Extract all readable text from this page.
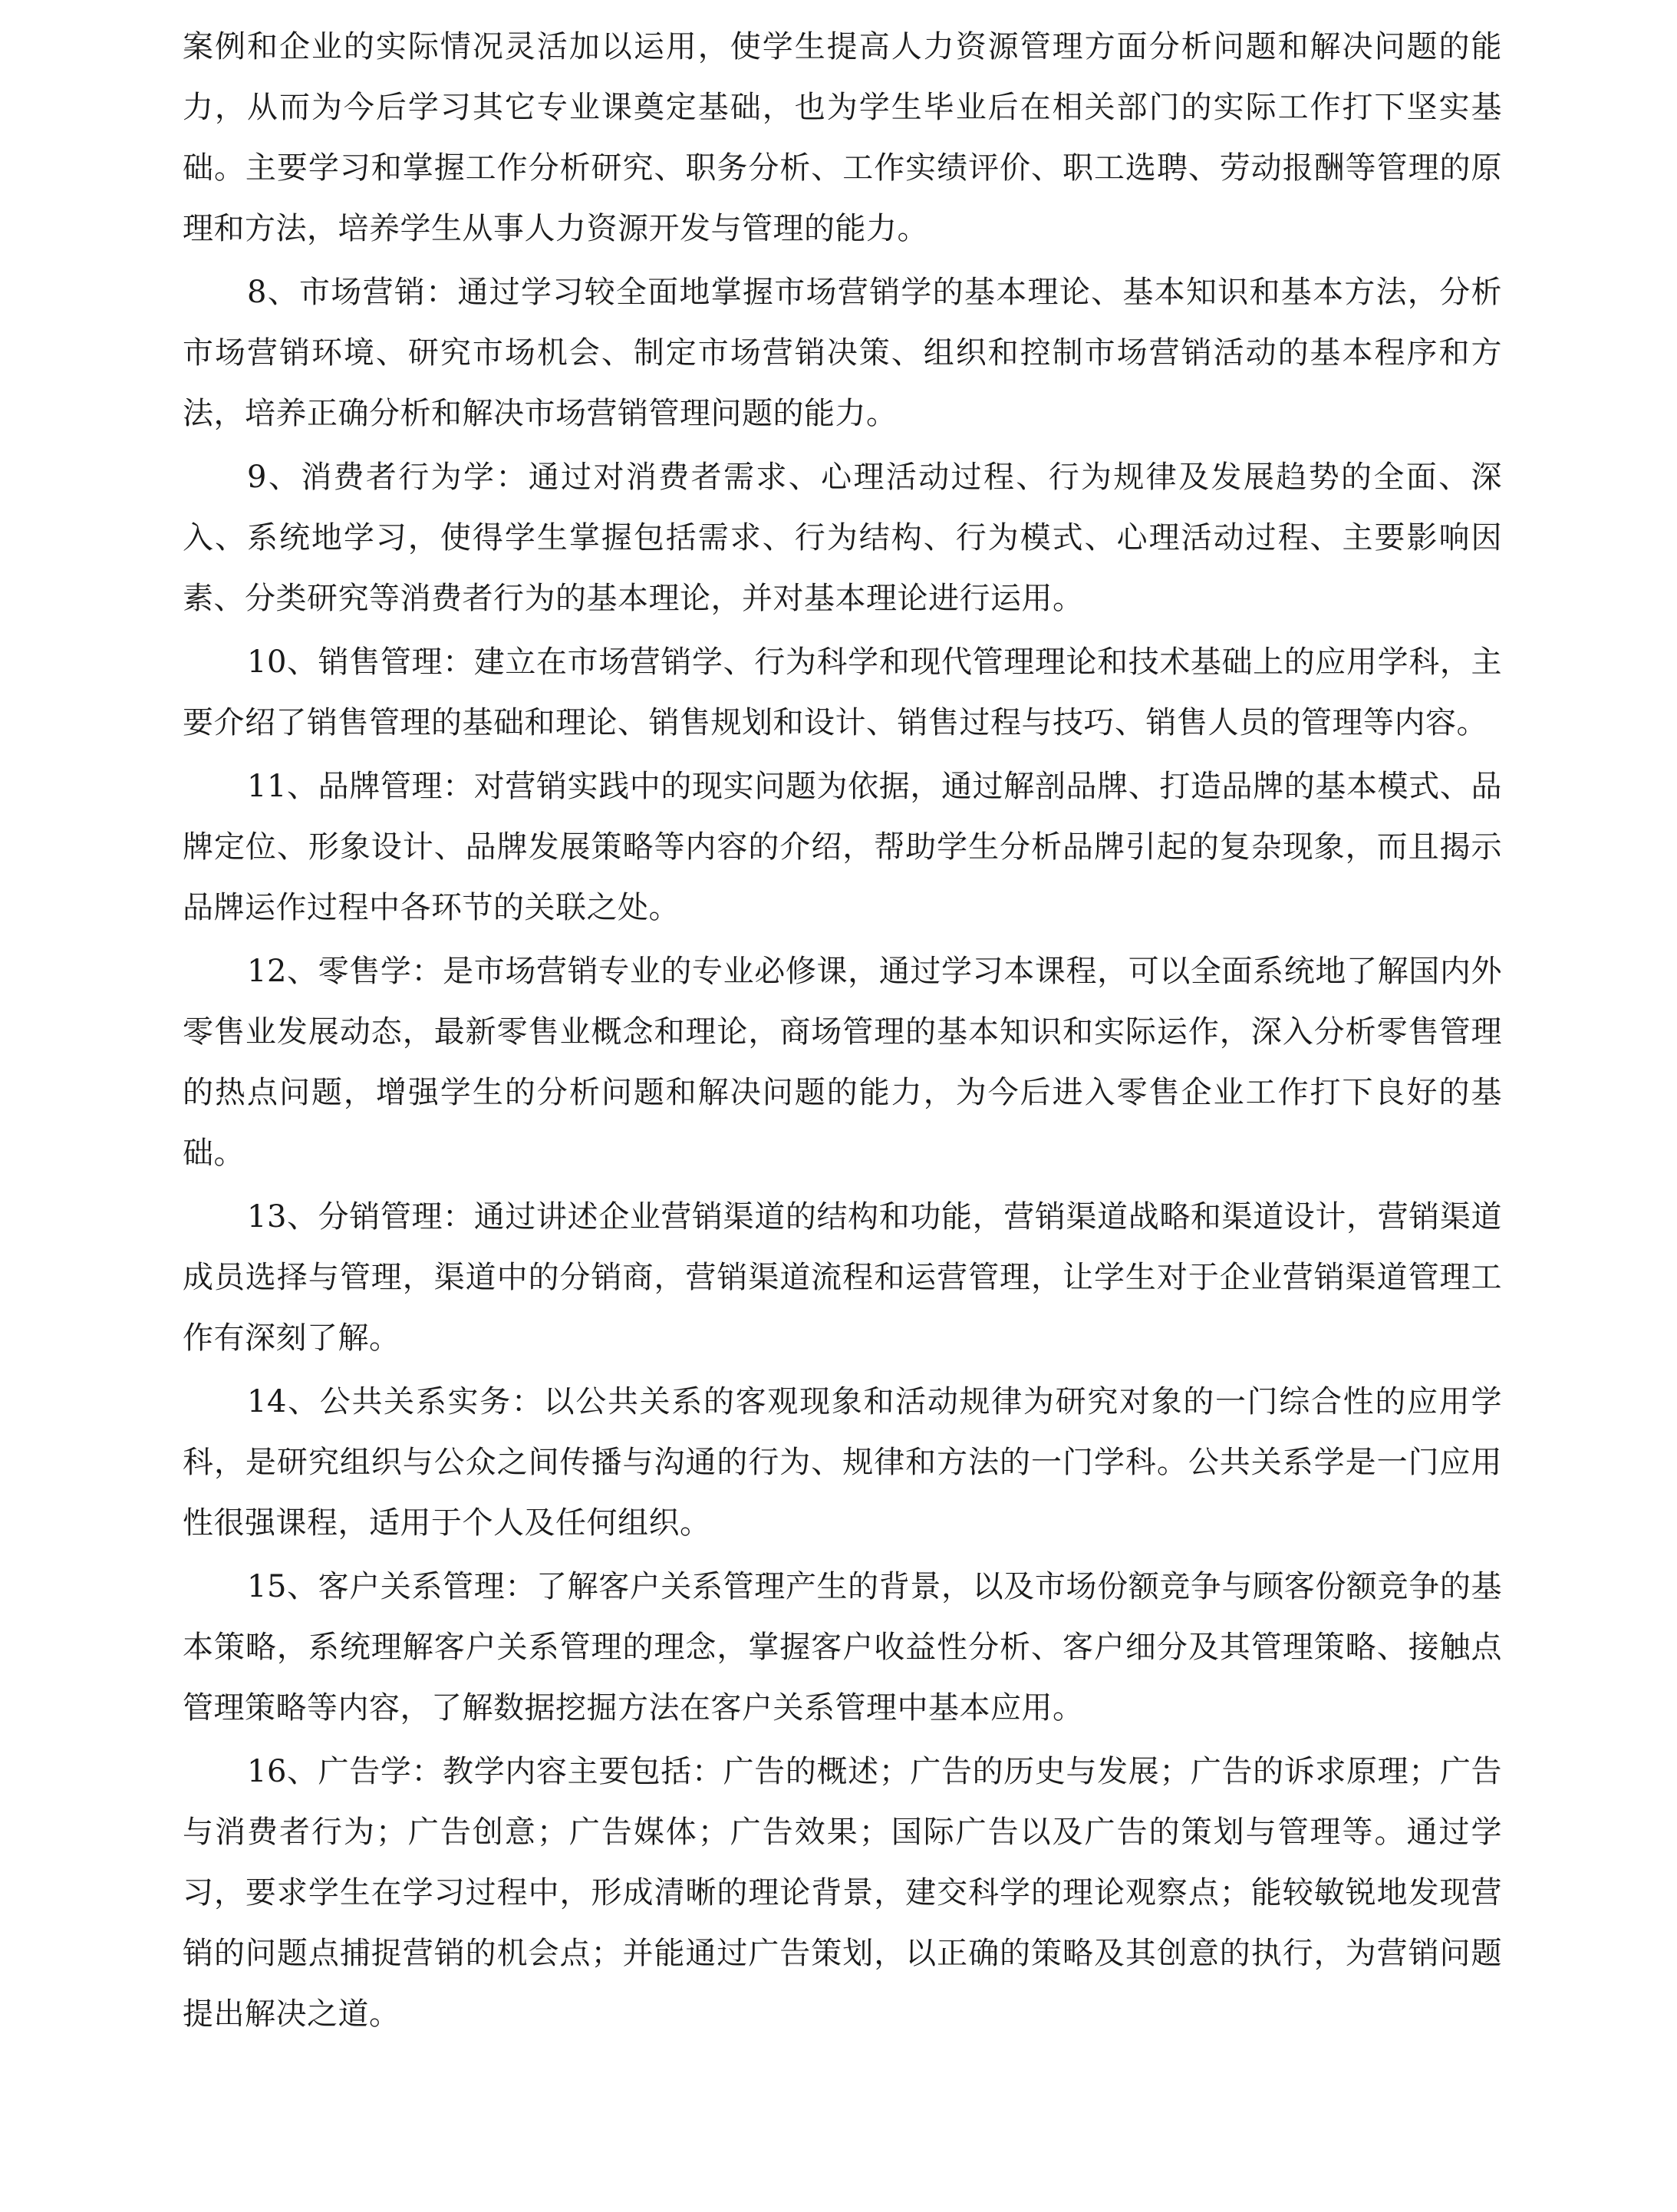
案例和企业的实际情况灵活加以运用，使学生提高人力资源管理方面分析问题和解决问题的能力，从而为今后学习其它专业课奠定基础，也为学生毕业后在相关部门的实际工作打下坚实基础。主要学习和掌握工作分析研究、职务分析、工作实绩评价、职工选聘、劳动报酬等管理的原理和方法，培养学生从事人力资源开发与管理的能力。

8、市场营销：通过学习较全面地掌握市场营销学的基本理论、基本知识和基本方法，分析市场营销环境、研究市场机会、制定市场营销决策、组织和控制市场营销活动的基本程序和方法，培养正确分析和解决市场营销管理问题的能力。

9、消费者行为学：通过对消费者需求、心理活动过程、行为规律及发展趋势的全面、深入、系统地学习，使得学生掌握包括需求、行为结构、行为模式、心理活动过程、主要影响因素、分类研究等消费者行为的基本理论，并对基本理论进行运用。

10、销售管理：建立在市场营销学、行为科学和现代管理理论和技术基础上的应用学科，主要介绍了销售管理的基础和理论、销售规划和设计、销售过程与技巧、销售人员的管理等内容。

11、品牌管理：对营销实践中的现实问题为依据，通过解剖品牌、打造品牌的基本模式、品牌定位、形象设计、品牌发展策略等内容的介绍，帮助学生分析品牌引起的复杂现象，而且揭示品牌运作过程中各环节的关联之处。

12、零售学：是市场营销专业的专业必修课，通过学习本课程，可以全面系统地了解国内外零售业发展动态，最新零售业概念和理论，商场管理的基本知识和实际运作，深入分析零售管理的热点问题，增强学生的分析问题和解决问题的能力，为今后进入零售企业工作打下良好的基础。

13、分销管理：通过讲述企业营销渠道的结构和功能，营销渠道战略和渠道设计，营销渠道成员选择与管理，渠道中的分销商，营销渠道流程和运营管理，让学生对于企业营销渠道管理工作有深刻了解。

14、公共关系实务：以公共关系的客观现象和活动规律为研究对象的一门综合性的应用学科，是研究组织与公众之间传播与沟通的行为、规律和方法的一门学科。公共关系学是一门应用性很强课程，适用于个人及任何组织。

15、客户关系管理：了解客户关系管理产生的背景，以及市场份额竞争与顾客份额竞争的基本策略，系统理解客户关系管理的理念，掌握客户收益性分析、客户细分及其管理策略、接触点管理策略等内容，了解数据挖掘方法在客户关系管理中基本应用。

16、广告学：教学内容主要包括：广告的概述；广告的历史与发展；广告的诉求原理；广告与消费者行为；广告创意；广告媒体；广告效果；国际广告以及广告的策划与管理等。通过学习，要求学生在学习过程中，形成清晰的理论背景，建交科学的理论观察点；能较敏锐地发现营销的问题点捕捉营销的机会点；并能通过广告策划，以正确的策略及其创意的执行，为营销问题提出解决之道。
